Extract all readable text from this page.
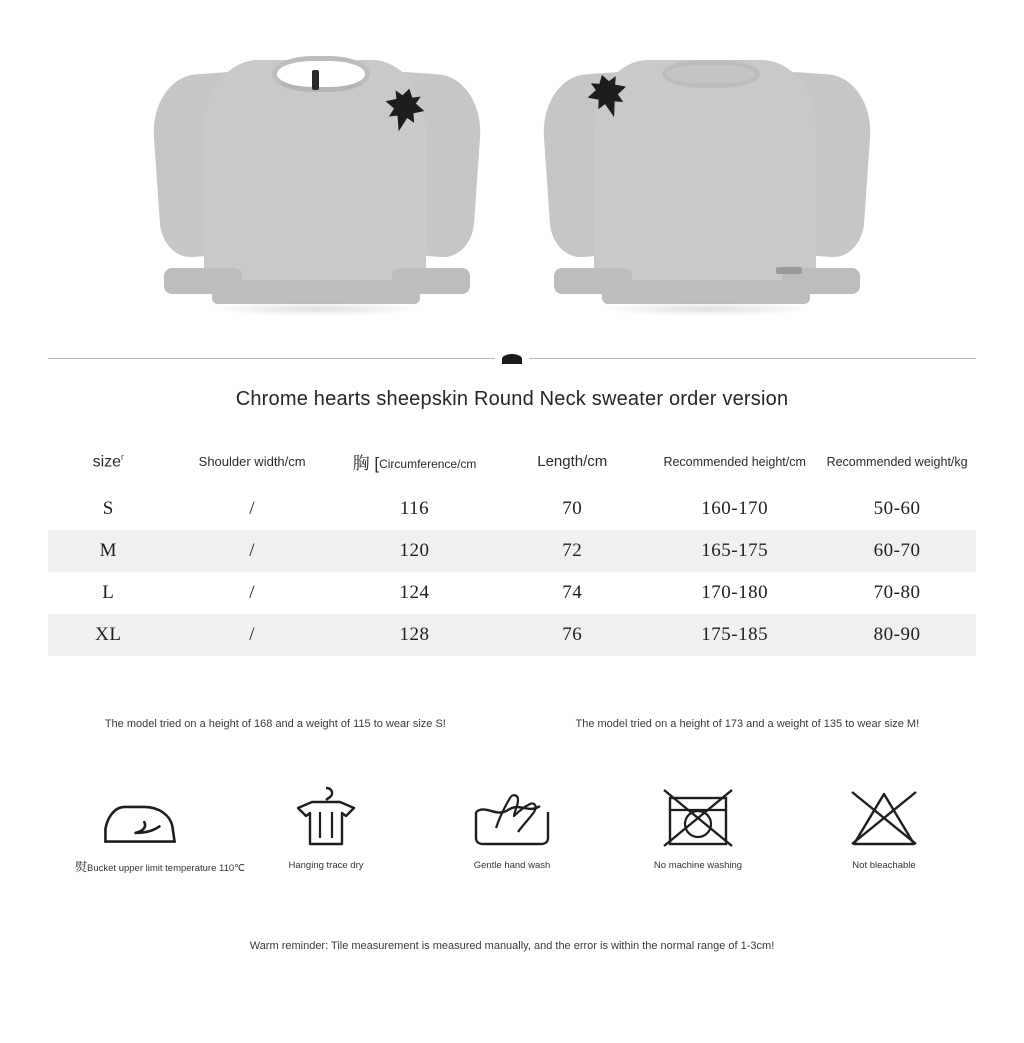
Chrome hearts sheepskin Round Neck sweater order version
size$^r$	Shoulder width/cm	胸 [Circumference/cm	Length/cm	Recommended height/cm	Recommended weight/kg
S	/	116	70	160-170	50-60
M	/	120	72	165-175	60-70
L	/	124	74	170-180	70-80
XL	/	128	76	175-185	80-90
The model tried on a height of 168 and a weight of 115 to wear size S!	The model tried on a height of 173 and a weight of 135 to wear size M!
熨Bucket upper limit temperature 110℃	Hanging trace dry	Gentle hand wash	No machine washing	Not bleachable
Warm reminder: Tile measurement is measured manually, and the error is within the normal range of 1-3cm!
